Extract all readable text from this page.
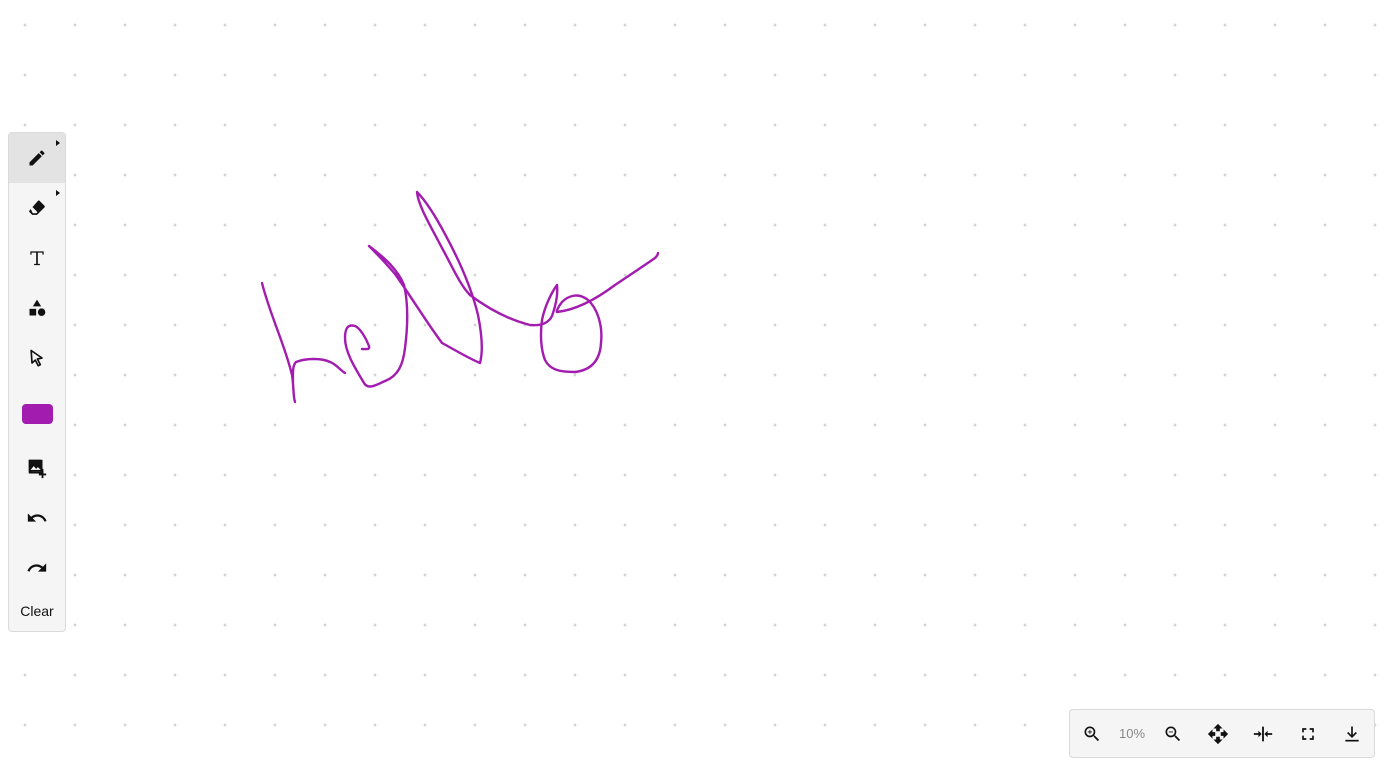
Clear
10%
